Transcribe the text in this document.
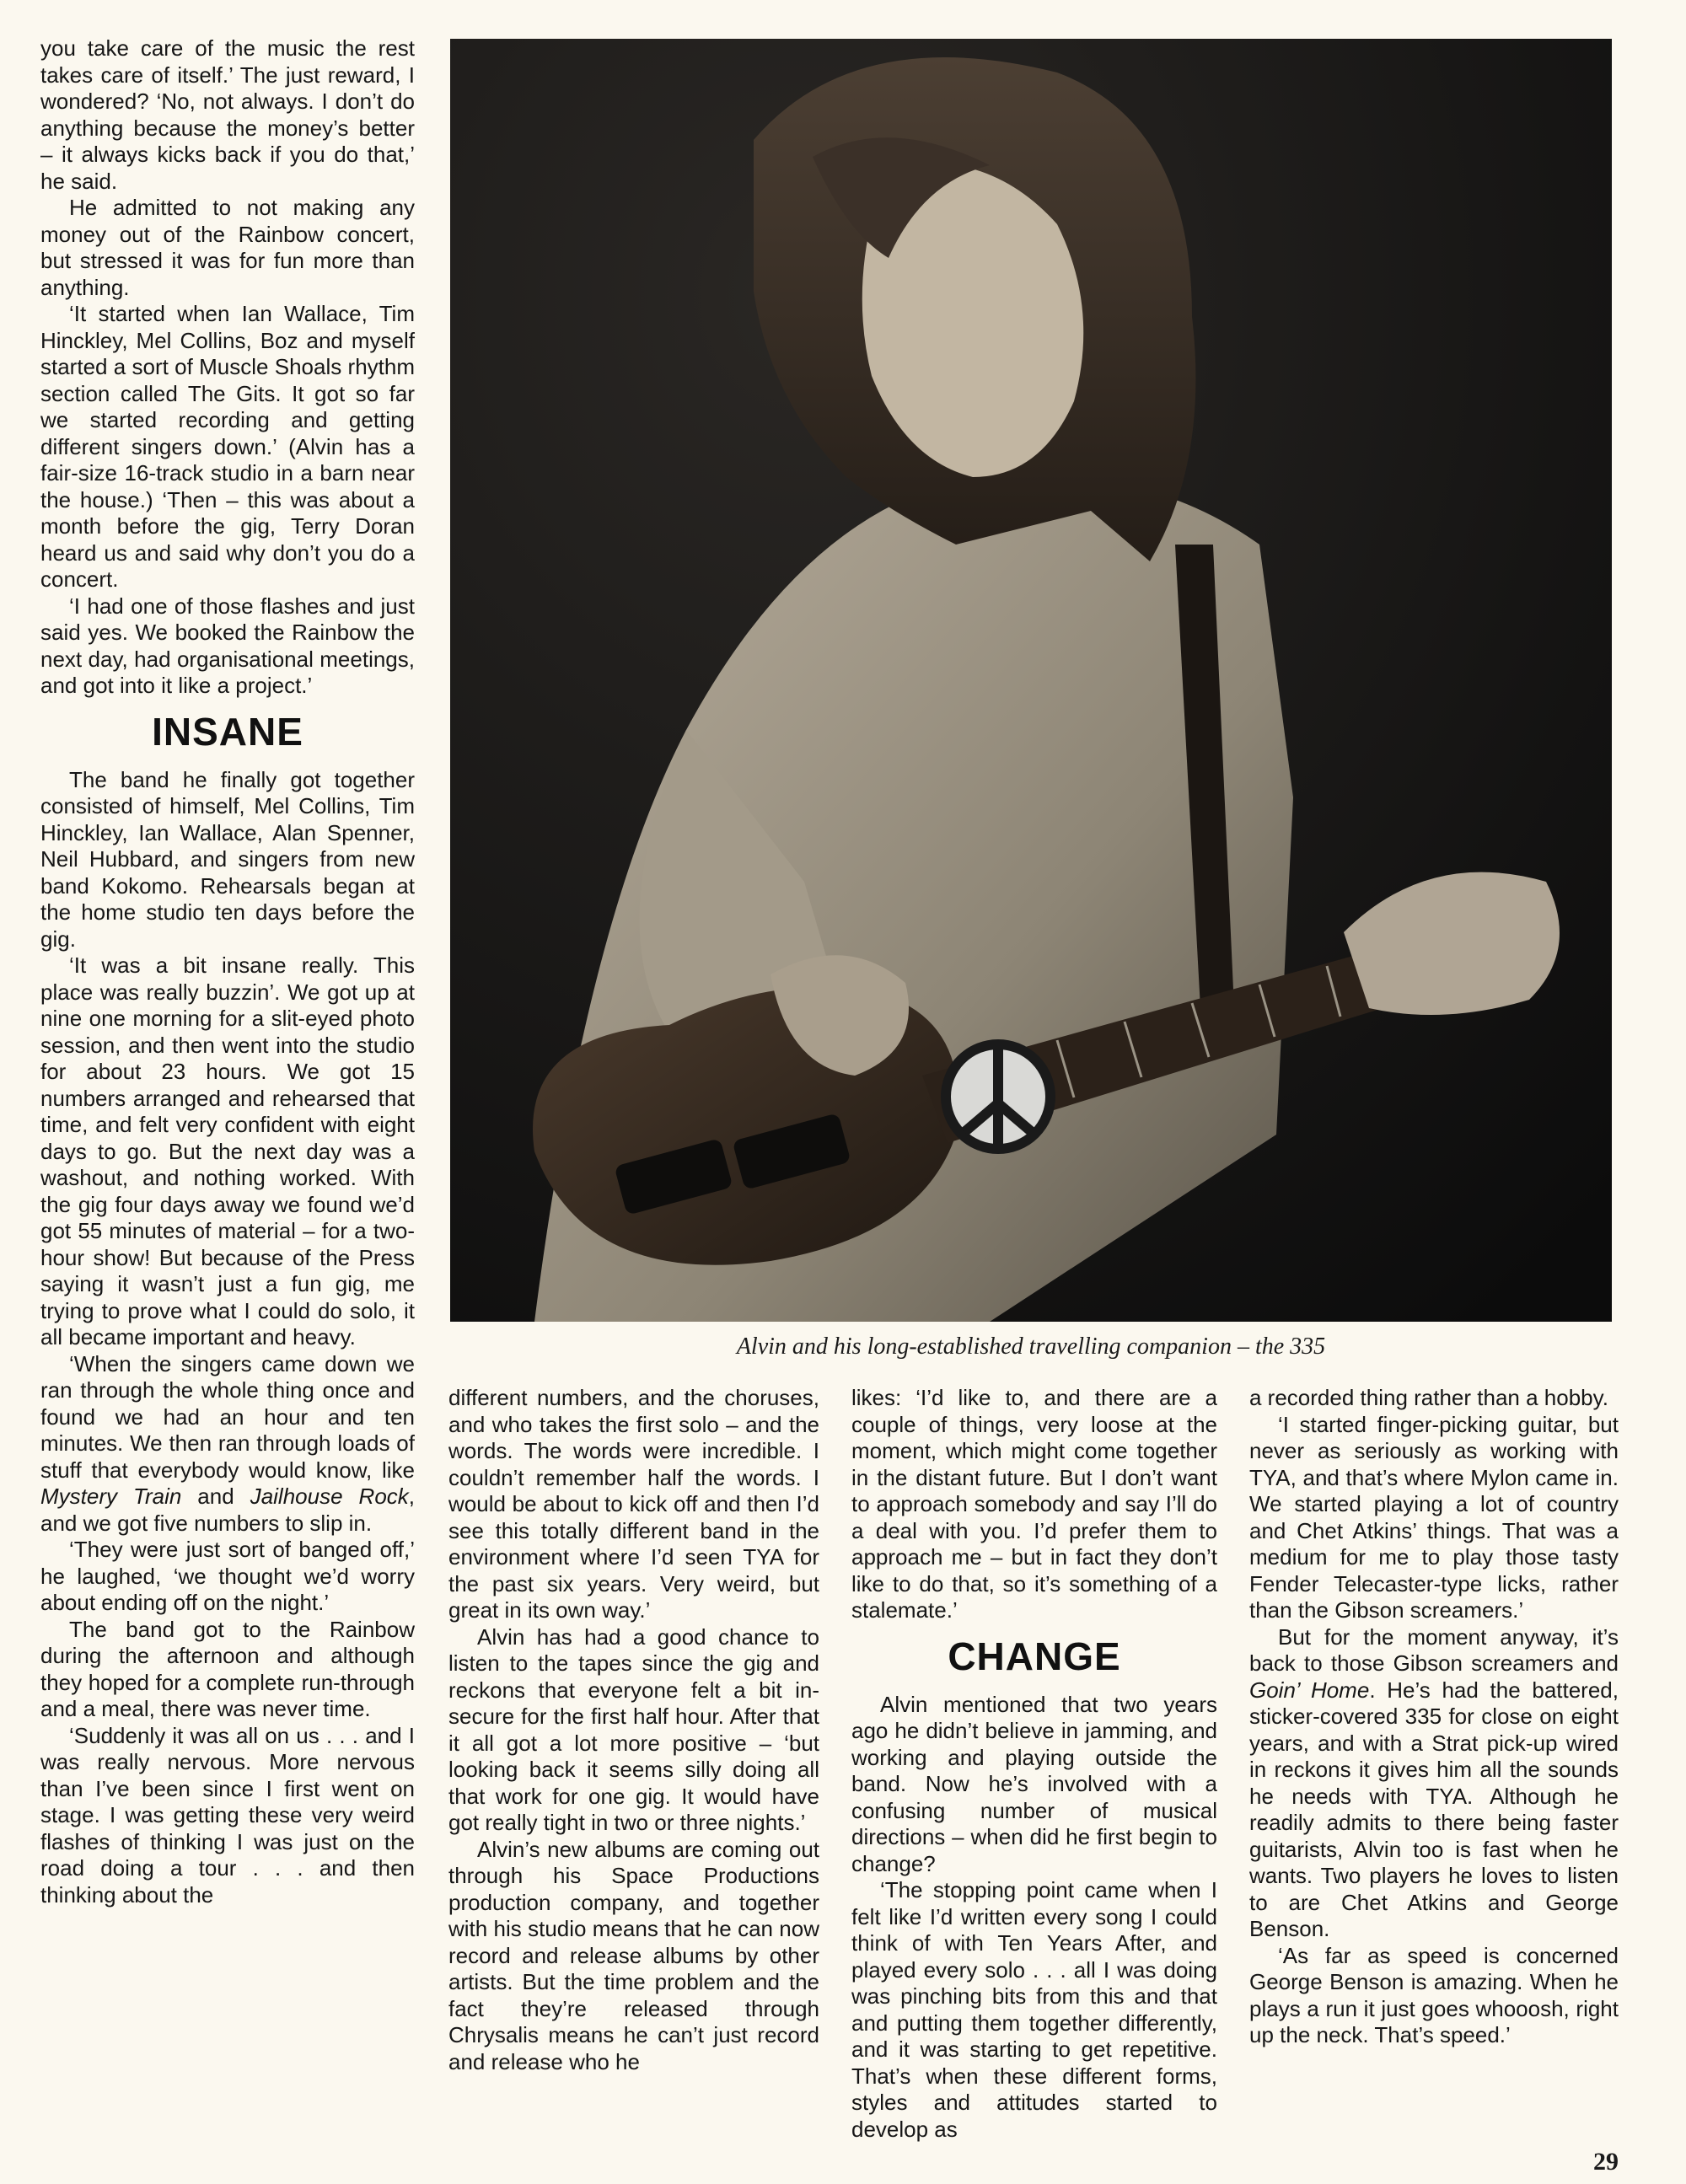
you take care of the music the rest takes care of itself.’ The just reward, I wondered? ‘No, not always. I don’t do anything because the money’s better – it always kicks back if you do that,’ he said.

He admitted to not making any money out of the Rainbow concert, but stressed it was for fun more than anything.

‘It started when Ian Wallace, Tim Hinckley, Mel Collins, Boz and myself started a sort of Muscle Shoals rhythm section called The Gits. It got so far we started recording and getting different singers down.’ (Alvin has a fair-size 16-track studio in a barn near the house.) ‘Then – this was about a month before the gig, Terry Doran heard us and said why don’t you do a concert.

‘I had one of those flashes and just said yes. We booked the Rainbow the next day, had organisational meetings, and got into it like a project.’

INSANE

The band he finally got together consisted of himself, Mel Collins, Tim Hinckley, Ian Wallace, Alan Spenner, Neil Hubbard, and singers from new band Kokomo. Rehearsals began at the home studio ten days before the gig.

‘It was a bit insane really. This place was really buzzin’. We got up at nine one morning for a slit-eyed photo session, and then went into the studio for about 23 hours. We got 15 numbers arranged and rehearsed that time, and felt very confident with eight days to go. But the next day was a washout, and nothing worked. With the gig four days away we found we’d got 55 minutes of material – for a two-hour show! But because of the Press saying it wasn’t just a fun gig, me trying to prove what I could do solo, it all became important and heavy.

‘When the singers came down we ran through the whole thing once and found we had an hour and ten minutes. We then ran through loads of stuff that everybody would know, like Mystery Train and Jailhouse Rock, and we got five numbers to slip in.

‘They were just sort of banged off,’ he laughed, ‘we thought we’d worry about ending off on the night.’

The band got to the Rainbow during the afternoon and although they hoped for a complete run-through and a meal, there was never time.

‘Suddenly it was all on us . . . and I was really nervous. More nervous than I’ve been since I first went on stage. I was getting these very weird flashes of thinking I was just on the road doing a tour . . . and then thinking about the

Alvin and his long-established travelling companion – the 335

different numbers, and the choruses, and who takes the first solo – and the words. The words were incredible. I couldn’t remember half the words. I would be about to kick off and then I’d see this totally different band in the environment where I’d seen TYA for the past six years. Very weird, but great in its own way.’

Alvin has had a good chance to listen to the tapes since the gig and reckons that everyone felt a bit insecure for the first half hour. After that it all got a lot more positive – ‘but looking back it seems silly doing all that work for one gig. It would have got really tight in two or three nights.’

Alvin’s new albums are coming out through his Space Productions production company, and together with his studio means that he can now record and release albums by other artists. But the time problem and the fact they’re released through Chrysalis means he can’t just record and release who he

likes: ‘I’d like to, and there are a couple of things, very loose at the moment, which might come together in the distant future. But I don’t want to approach somebody and say I’ll do a deal with you. I’d prefer them to approach me – but in fact they don’t like to do that, so it’s something of a stalemate.’

CHANGE

Alvin mentioned that two years ago he didn’t believe in jamming, and working and playing outside the band. Now he’s involved with a confusing number of musical directions – when did he first begin to change?

‘The stopping point came when I felt like I’d written every song I could think of with Ten Years After, and played every solo . . . all I was doing was pinching bits from this and that and putting them together differently, and it was starting to get repetitive. That’s when these different forms, styles and attitudes started to develop as

a recorded thing rather than a hobby.

‘I started finger-picking guitar, but never as seriously as working with TYA, and that’s where Mylon came in. We started playing a lot of country and Chet Atkins’ things. That was a medium for me to play those tasty Fender Telecaster-type licks, rather than the Gibson screamers.’

But for the moment anyway, it’s back to those Gibson screamers and Goin’ Home. He’s had the battered, sticker-covered 335 for close on eight years, and with a Strat pick-up wired in reckons it gives him all the sounds he needs with TYA. Although he readily admits to there being faster guitarists, Alvin too is fast when he wants. Two players he loves to listen to are Chet Atkins and George Benson.

‘As far as speed is concerned George Benson is amazing. When he plays a run it just goes whooosh, right up the neck. That’s speed.’

29
